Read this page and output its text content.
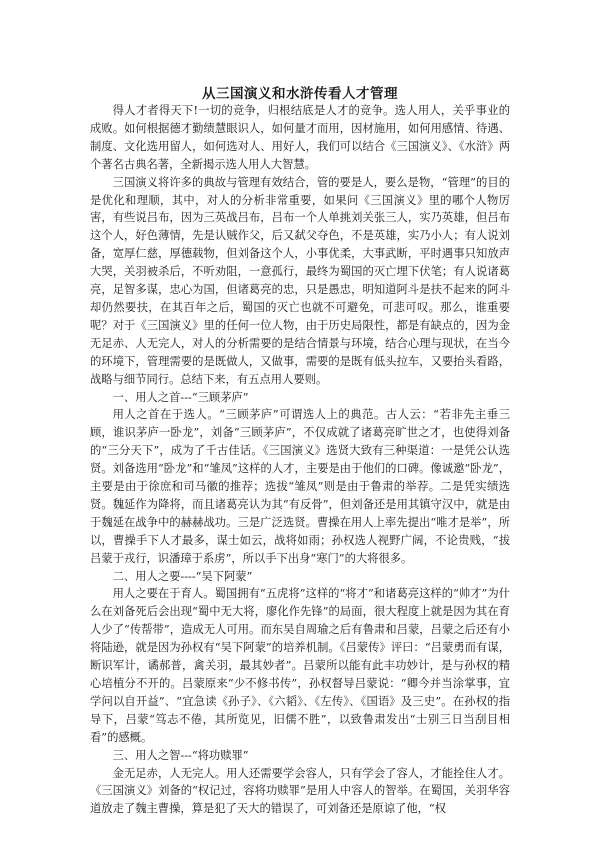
从三国演义和水浒传看人才管理

得人才者得天下!一切的竞争，归根结底是人才的竞争。选人用人，关乎事业的成败。如何根据德才勤绩慧眼识人，如何量才而用，因材施用，如何用感情、待遇、制度、文化选用留人，如何选对人、用好人，我们可以结合《三国演义》、《水浒》两个著名古典名著，全新揭示选人用人大智慧。

三国演义将许多的典故与管理有效结合，管的要是人，要么是物，“管理”的目的是优化和理顺，其中，对人的分析非常重要，如果问《三国演义》里的哪个人物厉害，有些说吕布，因为三英战吕布，吕布一个人单挑刘关张三人，实乃英雄，但吕布这个人，好色薄情，先是认贼作父，后又弑父夺色，不是英雄，实乃小人；有人说刘备，宽厚仁慈，厚德载物，但刘备这个人，小事优柔，大事武断，平时遇事只知放声大哭，关羽被杀后，不听劝阻，一意孤行，最终为蜀国的灭亡埋下伏笔；有人说诸葛亮，足智多谋，忠心为国，但诸葛亮的忠，只是愚忠，明知道阿斗是扶不起来的阿斗却仍然要扶，在其百年之后，蜀国的灭亡也就不可避免，可悲可叹。那么，谁重要呢？对于《三国演义》里的任何一位人物，由于历史局限性，都是有缺点的，因为金无足赤、人无完人，对人的分析需要的是结合情景与环境，结合心理与现状，在当今的环境下，管理需要的是既做人，又做事，需要的是既有低头拉车，又要抬头看路，战略与细节同行。总结下来，有五点用人要则。

一、用人之首---“三顾茅庐”

用人之首在于选人。“三顾茅庐”可谓选人上的典范。古人云：“若非先主垂三顾，谁识茅庐一卧龙”，刘备“三顾茅庐”，不仅成就了诸葛亮旷世之才，也使得刘备的“三分天下”，成为了千古佳话。《三国演义》选贤大致有三种渠道：一是凭公认选贤。刘备选用“卧龙”和“雏凤”这样的人才，主要是由于他们的口碑。像诚邀“卧龙”，主要是由于徐庶和司马徽的推荐；选拔“雏凤”则是由于鲁肃的举荐。二是凭实绩选贤。魏延作为降将，而且诸葛亮认为其“有反骨”，但刘备还是用其镇守汉中，就是由于魏延在战争中的赫赫战功。三是广泛选贤。曹操在用人上率先提出“唯才是举”，所以，曹操手下人才最多，谋士如云，战将如雨；孙权选人视野广阔，不论贵贱，“拔吕蒙于戎行，识潘璋于系虏”，所以手下出身“寒门”的大将很多。

二、用人之要----“吴下阿蒙”

用人之要在于育人。蜀国拥有“五虎将”这样的“将才”和诸葛亮这样的“帅才”为什么在刘备死后会出现“蜀中无大将，廖化作先锋”的局面，很大程度上就是因为其在育人少了“传帮带”，造成无人可用。而东吴自周瑜之后有鲁肃和吕蒙，吕蒙之后还有小将陆逊，就是因为孙权有“吴下阿蒙”的培养机制。《吕蒙传》评曰：“吕蒙勇而有谋，断识军计，谲郝普，禽关羽，最其妙者”。吕蒙所以能有此丰功妙计，是与孙权的精心培植分不开的。吕蒙原来“少不修书传”，孙权督导吕蒙说：“卿今并当涂掌事，宜学问以自开益”、“宜急读《孙子》、《六韬》、《左传》、《国语》及三史”。在孙权的指导下，吕蒙“笃志不倦，其所览见，旧儒不胜”，以致鲁肃发出“士别三日当刮目相看”的感概。

三、用人之智---“将功赎罪”

金无足赤，人无完人。用人还需要学会容人，只有学会了容人，才能拴住人才。《三国演义》刘备的“权记过，容将功赎罪”是用人中容人的智举。在蜀国，关羽华容道放走了魏主曹操，算是犯了天大的错误了，可刘备还是原谅了他，“权
